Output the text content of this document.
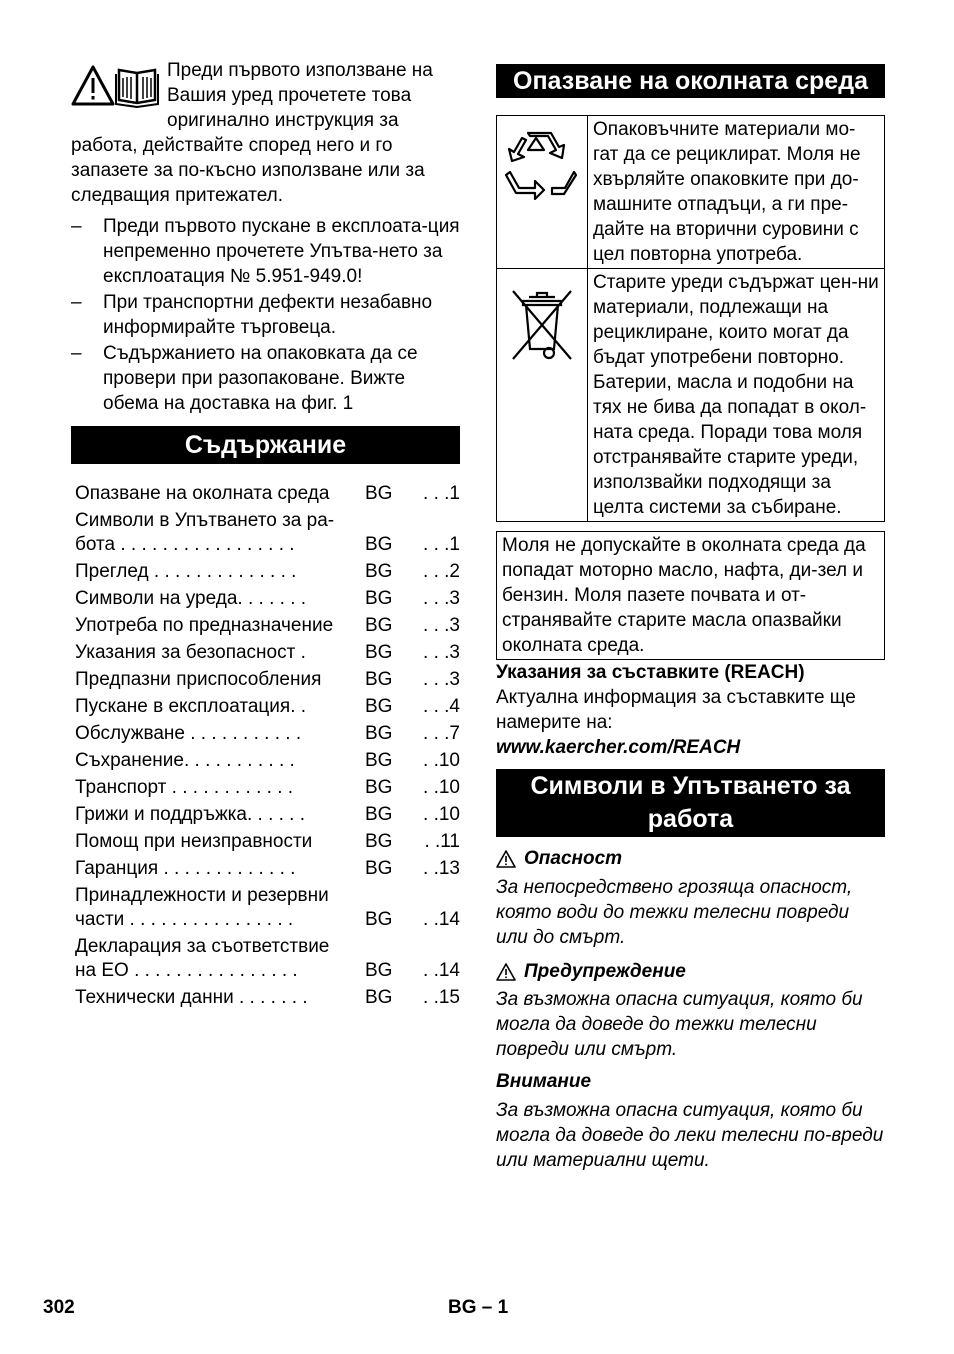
Преди първото използване на Вашия уред прочетете това оригинално инструкция за работа, действайте според него и го запазете за по-късно използване или за следващия притежател.

– Преди първото пускане в експлоата-ция непременно прочетете Упътва-нето за експлоатация № 5.951-949.0!
– При транспортни дефекти незабавно информирайте търговеца.
– Съдържанието на опаковката да се провери при разопаковане. Вижте обема на доставка на фиг. 1
Съдържание
Опазване на околната среда	BG	. . .1
Символи в Упътването за ра-
бота . . . . . . . . . . . . . . . . .	BG	. . .1
Преглед . . . . . . . . . . . . . .	BG	. . .2
Символи на уреда. . . . . . .	BG	. . .3
Употреба по предназначение	BG	. . .3
Указания за безопасност .	BG	. . .3
Предпазни приспособления	BG	. . .3
Пускане в експлоатация. .	BG	. . .4
Обслужване . . . . . . . . . . .	BG	. . .7
Съхранение. . . . . . . . . . .	BG	. .10
Транспорт . . . . . . . . . . . .	BG	. .10
Грижи и поддръжка. . . . . .	BG	. .10
Помощ при неизправности	BG	. .11
Гаранция . . . . . . . . . . . . .	BG	. .13
Принадлежности и резервни
части . . . . . . . . . . . . . . . .	BG	. .14
Декларация за съответствие
на ЕО . . . . . . . . . . . . . . . .	BG	. .14
Технически данни . . . . . . .	BG	. .15
Опазване на околната среда
	Опаковъчните материали мо-гат да се рециклират. Моля не хвърляйте опаковките при до-машните отпадъци, а ги пре-дайте на вторични суровини с цел повторна употреба.
	Старите уреди съдържат цен-ни материали, подлежащи на рециклиране, които могат да бъдат употребени повторно. Батерии, масла и подобни на тях не бива да попадат в окол-ната среда. Поради това моля отстранявайте старите уреди, използвайки подходящи за целта системи за събиране.
Моля не допускайте в околната среда да попадат моторно масло, нафта, ди-зел и бензин. Моля пазете почвата и от-странявайте старите масла опазвайки околната среда.

Указания за съставките (REACH)

Актуална информация за съставките ще намерите на:

www.kaercher.com/REACH

Символи в Упътването за работа
Опасност

За непосредствено грозяща опасност, която води до тежки телесни повреди или до смърт.

Предупреждение

За възможна опасна ситуация, която би могла да доведе до тежки телесни повреди или смърт.

Внимание

За възможна опасна ситуация, която би могла да доведе до леки телесни по-вреди или материални щети.

302	BG – 1
